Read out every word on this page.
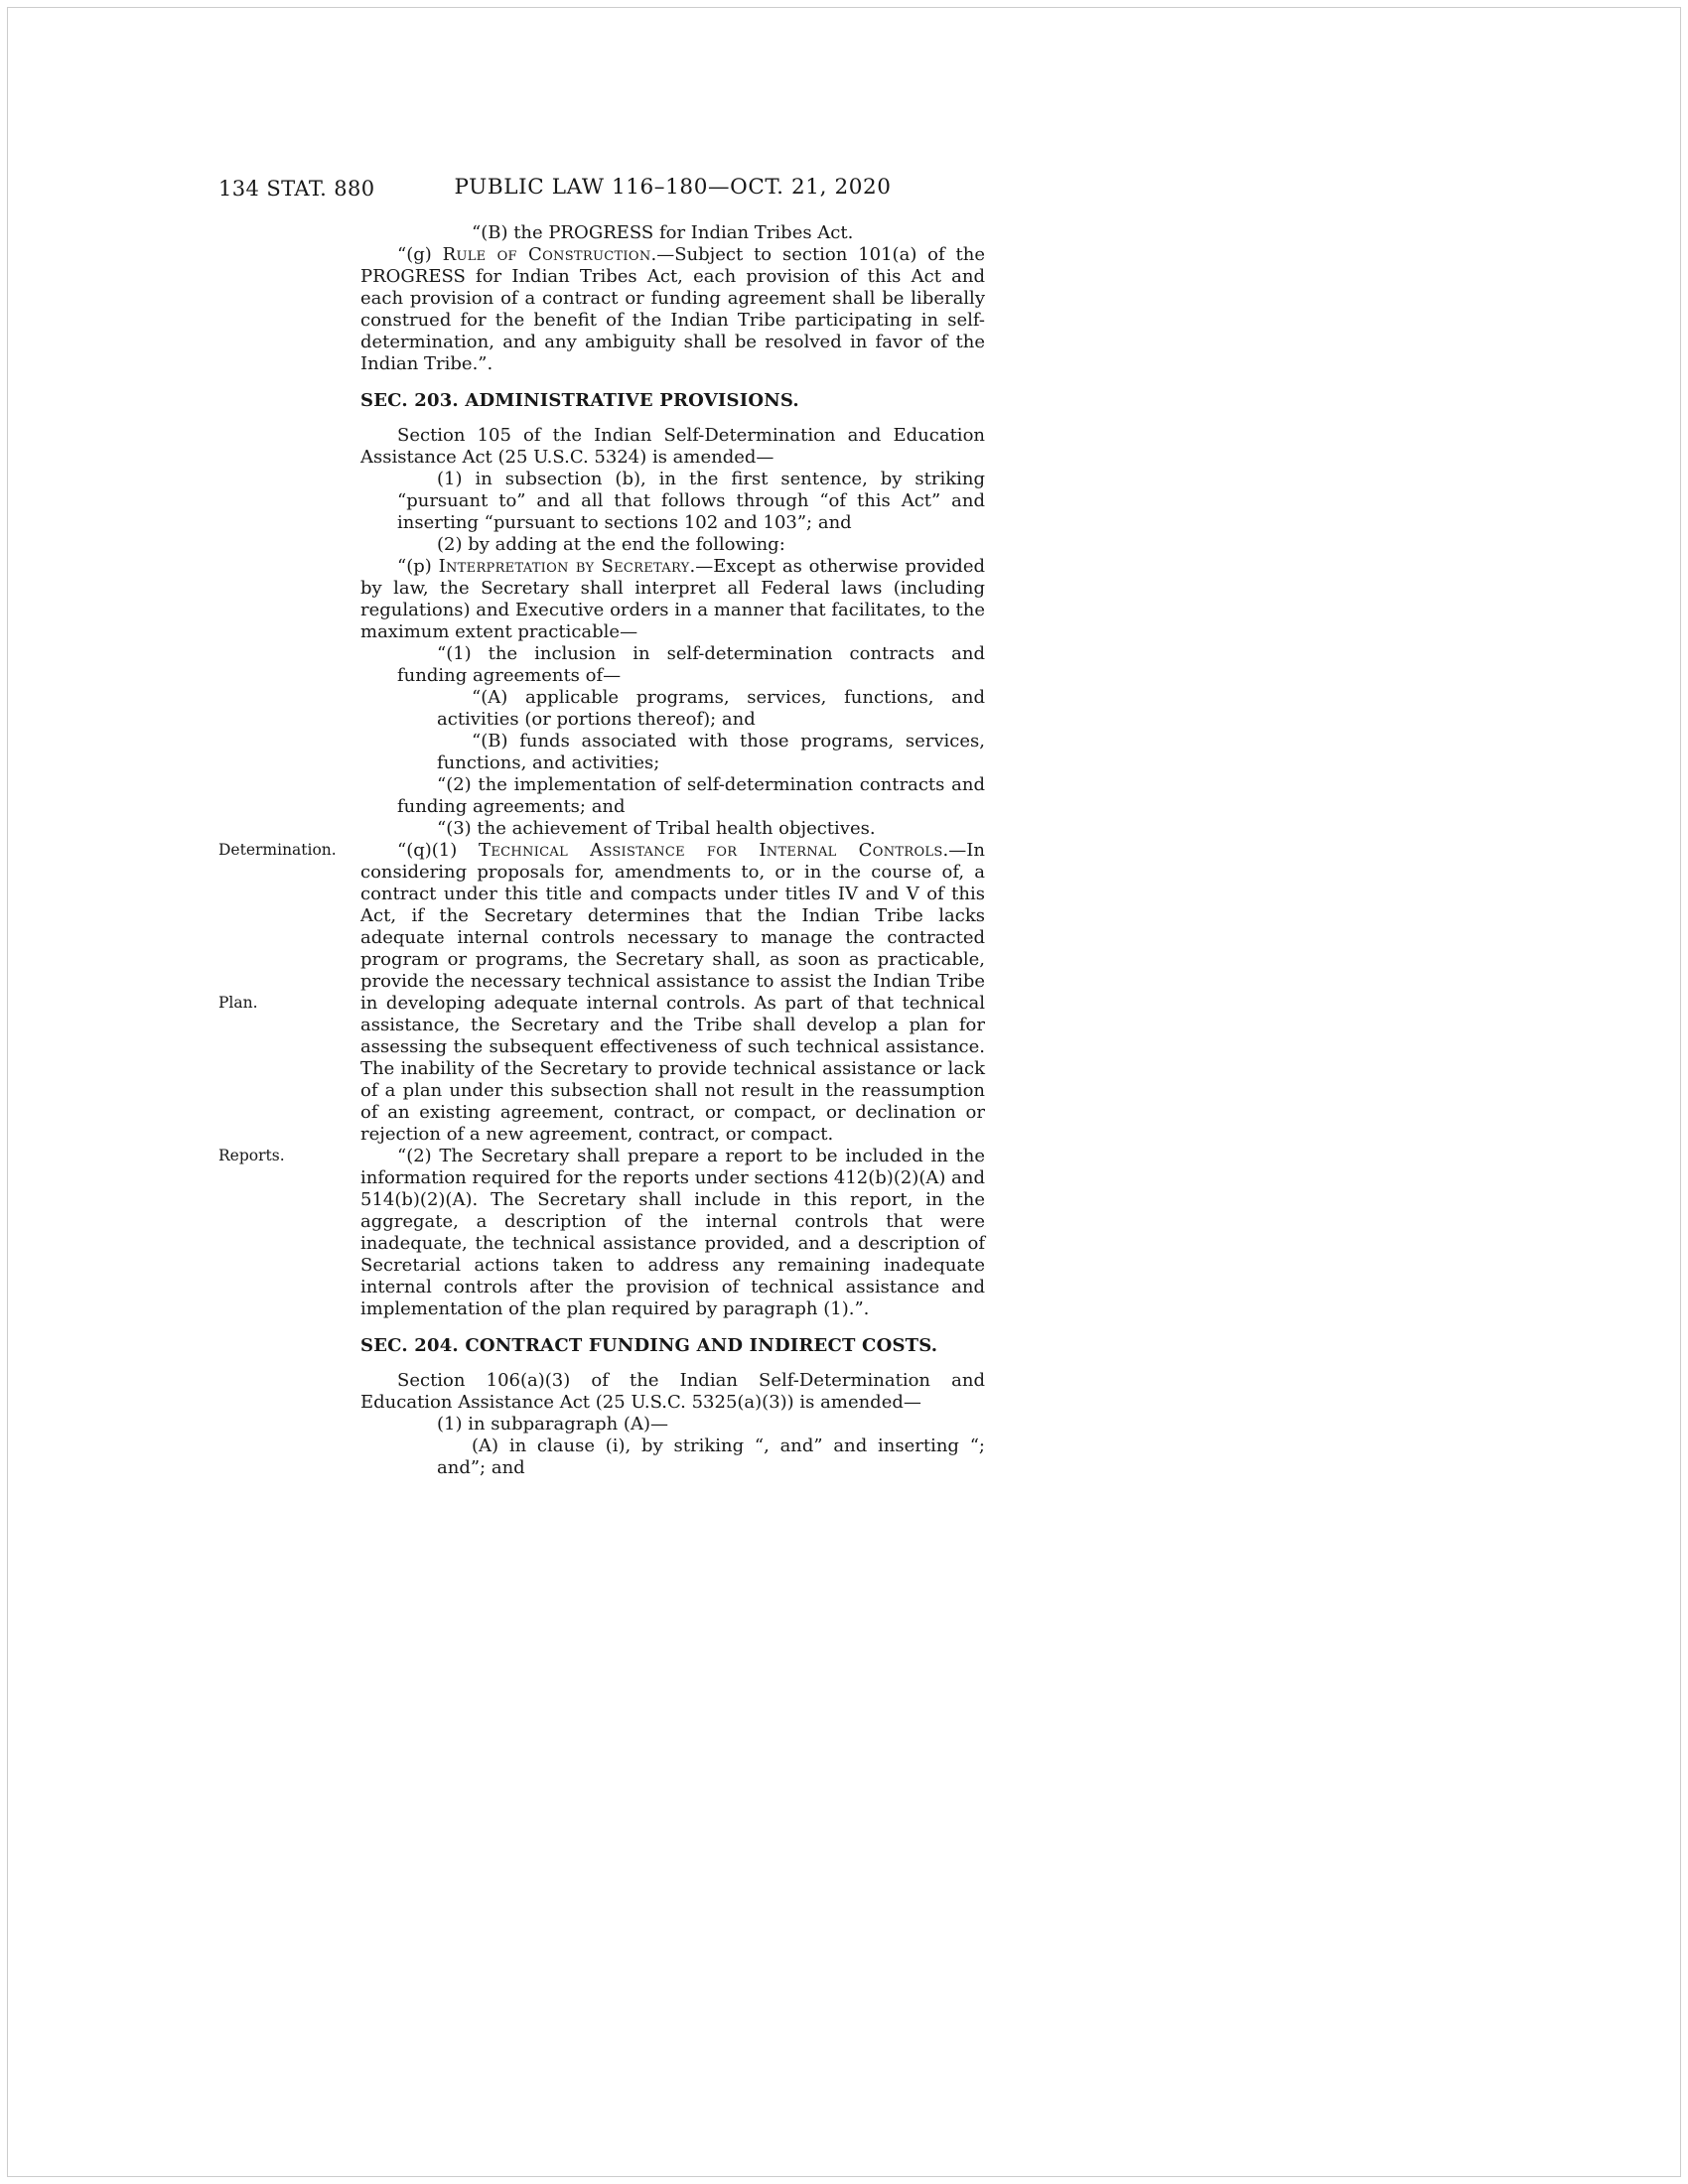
134 STAT. 880	PUBLIC LAW 116–180—OCT. 21, 2020

“(B) the PROGRESS for Indian Tribes Act.

“(g) Rule of Construction.—Subject to section 101(a) of the PROGRESS for Indian Tribes Act, each provision of this Act and each provision of a contract or funding agreement shall be liberally construed for the benefit of the Indian Tribe participating in self-determination, and any ambiguity shall be resolved in favor of the Indian Tribe.”.

SEC. 203. ADMINISTRATIVE PROVISIONS.

Section 105 of the Indian Self-Determination and Education Assistance Act (25 U.S.C. 5324) is amended—

(1) in subsection (b), in the first sentence, by striking “pursuant to” and all that follows through “of this Act” and inserting “pursuant to sections 102 and 103”; and

(2) by adding at the end the following:

“(p) Interpretation by Secretary.—Except as otherwise provided by law, the Secretary shall interpret all Federal laws (including regulations) and Executive orders in a manner that facilitates, to the maximum extent practicable—

“(1) the inclusion in self-determination contracts and funding agreements of—

“(A) applicable programs, services, functions, and activities (or portions thereof); and

“(B) funds associated with those programs, services, functions, and activities;

“(2) the implementation of self-determination contracts and funding agreements; and

“(3) the achievement of Tribal health objectives.

Determination.
Plan.
“(q)(1) Technical Assistance for Internal Controls.—In considering proposals for, amendments to, or in the course of, a contract under this title and compacts under titles IV and V of this Act, if the Secretary determines that the Indian Tribe lacks adequate internal controls necessary to manage the contracted program or programs, the Secretary shall, as soon as practicable, provide the necessary technical assistance to assist the Indian Tribe in developing adequate internal controls. As part of that technical assistance, the Secretary and the Tribe shall develop a plan for assessing the subsequent effectiveness of such technical assistance. The inability of the Secretary to provide technical assistance or lack of a plan under this subsection shall not result in the reassumption of an existing agreement, contract, or compact, or declination or rejection of a new agreement, contract, or compact.

Reports.	“(2) The Secretary shall prepare a report to be included in the information required for the reports under sections 412(b)(2)(A) and 514(b)(2)(A). The Secretary shall include in this report, in the aggregate, a description of the internal controls that were inadequate, the technical assistance provided, and a description of Secretarial actions taken to address any remaining inadequate internal controls after the provision of technical assistance and implementation of the plan required by paragraph (1).”.

SEC. 204. CONTRACT FUNDING AND INDIRECT COSTS.

Section 106(a)(3) of the Indian Self-Determination and Education Assistance Act (25 U.S.C. 5325(a)(3)) is amended—

(1) in subparagraph (A)—

(A) in clause (i), by striking “, and” and inserting “; and”; and
